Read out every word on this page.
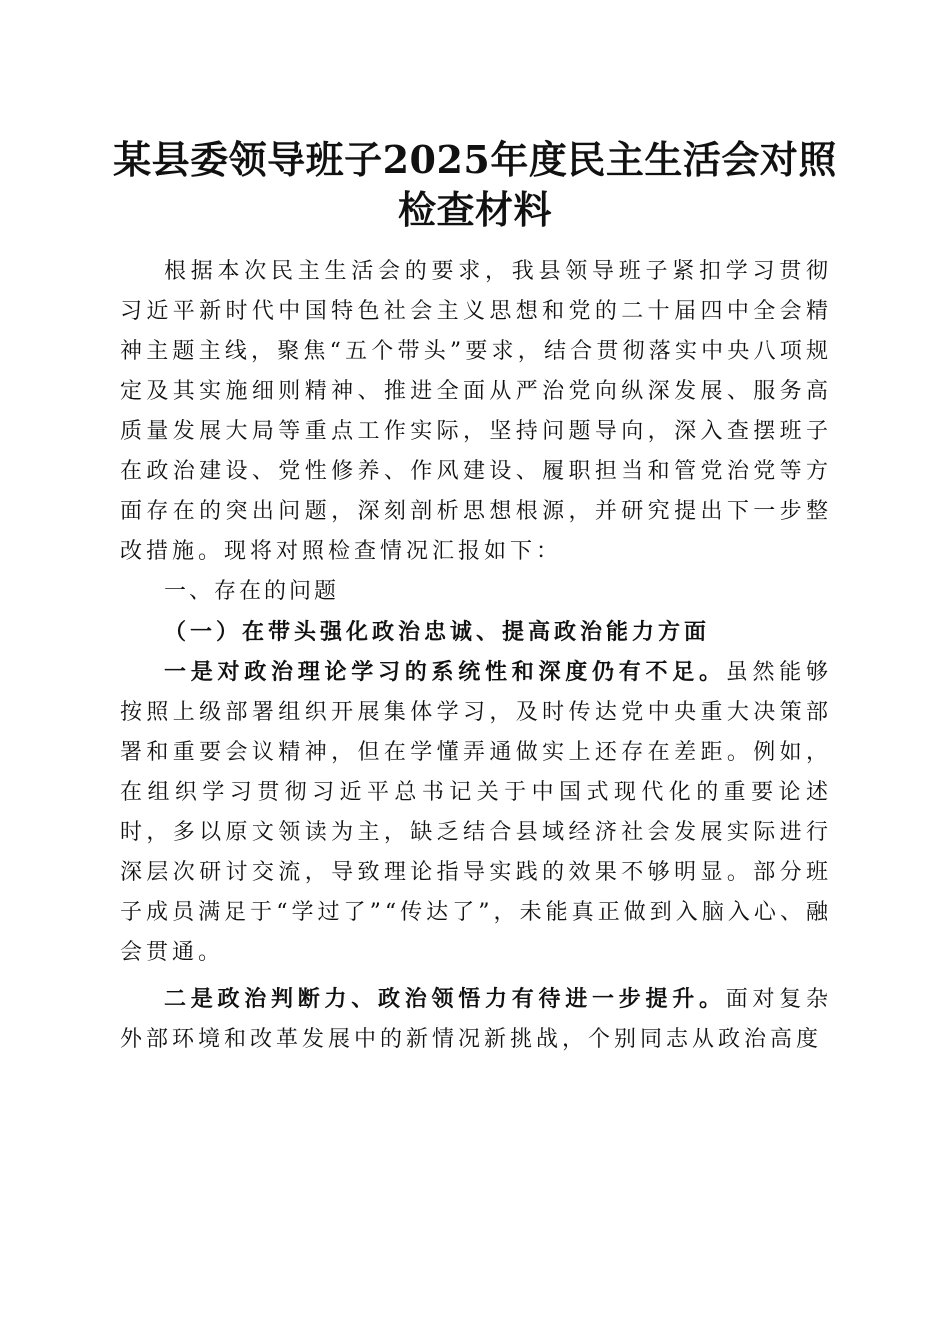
某县委领导班子2025年度民主生活会对照检查材料

根据本次民主生活会的要求，我县领导班子紧扣学习贯彻习近平新时代中国特色社会主义思想和党的二十届四中全会精神主题主线，聚焦“五个带头”要求，结合贯彻落实中央八项规定及其实施细则精神、推进全面从严治党向纵深发展、服务高质量发展大局等重点工作实际，坚持问题导向，深入查摆班子在政治建设、党性修养、作风建设、履职担当和管党治党等方面存在的突出问题，深刻剖析思想根源，并研究提出下一步整改措施。现将对照检查情况汇报如下：

一、存在的问题

（一）在带头强化政治忠诚、提高政治能力方面

一是对政治理论学习的系统性和深度仍有不足。虽然能够按照上级部署组织开展集体学习，及时传达党中央重大决策部署和重要会议精神，但在学懂弄通做实上还存在差距。例如，在组织学习贯彻习近平总书记关于中国式现代化的重要论述时，多以原文领读为主，缺乏结合县域经济社会发展实际进行深层次研讨交流，导致理论指导实践的效果不够明显。部分班子成员满足于“学过了”“传达了”，未能真正做到入脑入心、融会贯通。

二是政治判断力、政治领悟力有待进一步提升。面对复杂外部环境和改革发展中的新情况新挑战，个别同志从政治高度
